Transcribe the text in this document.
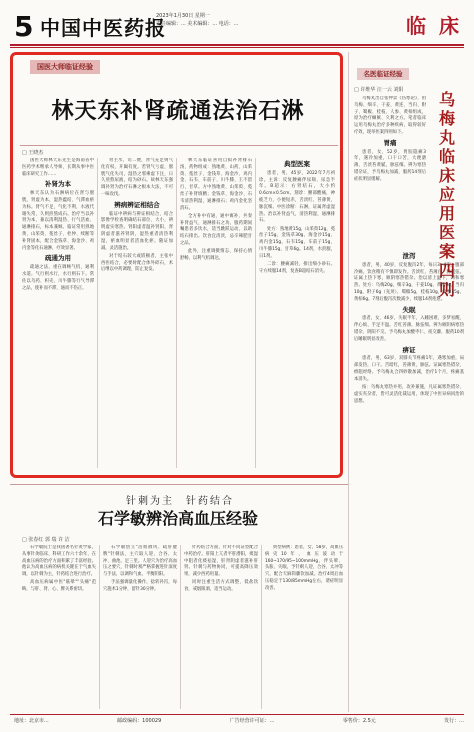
5 中国中医药报
2023年1月30日 星期一
责任编辑：... 美术编辑：... 电话：...	临 床
国医大师临证经验
林天东补肾疏通法治石淋
□ 王晓杰

国医大师林天东先生是海南省中医药学术继承人导师，长期从事中医临床研究工作……

补肾为本

林天东认为石淋病位在肾与膀胱，肾虚为本，湿热蕴结、气滞血瘀为标。肾气不足，气化不利，水液代谢失常，久则煎熬成石。治疗当以补肾为本，兼以清利湿热、行气活血、通淋排石，标本兼顾。临证常用熟地黄、山茱萸、菟丝子、杜仲、续断等补肾固本，配合金钱草、海金沙、鸡内金等化石通淋，疗效显著。

疏通为用

疏通之法，重在调畅气机，通利水道。气行则水行，水行则石下。常佐以乌药、枳壳、川牛膝等行气导滞之品，使补而不滞，通而不伤正。

肾主水，司二便，肾气充足则气化有权，开阖有度。若肾气亏虚，膀胱气化失司，湿热之邪乘虚下注，日久煎熬尿液，结为砂石。故林天东强调补肾为治疗石淋之根本大法，不可一味攻伐。

辨病辨证相结合

临证中辨病与辨证相结合，结合影像学检查明确结石部位、大小，辨明虚实寒热。肾阳虚者温补肾阳，肾阴虚者滋养肾阴，湿热重者清热利湿，瘀血明显者活血化瘀。随证加减，灵活施治。

对于结石较大或嵌顿者，主张中西医结合，必要时配合体外碎石，术后继以中药调理，防止复发。

林天东临证喜用自拟补肾排石汤，药物组成：熟地黄、山药、山茱萸、菟丝子、金钱草、海金沙、鸡内金、石韦、车前子、川牛膝、王不留行、甘草。方中熟地黄、山茱萸、菟丝子补肾填精；金钱草、海金沙、石韦清热利湿，通淋排石；鸡内金化坚消石。

全方补中有通，通中寓补，共奏补肾益气、通淋排石之功。服药期间嘱患者多饮水，适当跳跃运动，以助结石排出。饮食宜清淡，忌辛辣肥甘之品。

此外，注重调摄情志，保持心情舒畅，以利气机调达。

典型医案

患者，男，45岁，2022年7月初诊。主诉：反复腰痛伴尿频、尿急半年。B超示：右肾结石，大小约0.6cm×0.5cm。刻诊：腰部酸痛，神疲乏力，小便短赤，舌淡红，苔薄黄，脉沉细。中医诊断：石淋，证属肾虚湿热。治以补肾益气，清热利湿，通淋排石。

处方：熟地黄15g，山茱萸12g，菟丝子15g，金钱草30g，海金沙15g，鸡内金15g，石韦15g，车前子15g，川牛膝15g，甘草6g。14剂，水煎服，日1剂。

二诊：腰痛减轻，排出细小砂石。守方续服14剂，复查B超结石消失。

针刺为主　针药结合
石学敏辨治高血压经验
□ 张春红 郭 瑞 许 洁

石学敏院士是我国著名针灸学家，从事针灸临床、科研工作六十余年，在高血压病的治疗方面积累了丰富经验。他认为高血压病的病机关键在于气血失调，以针刺为主，针药结合进行治疗。

高血压病属中医"眩晕""头痛"范畴，与肝、肾、心、脾关系密切。

石学敏创立"活血散风、疏肝健脾"针刺法，主穴取人迎、合谷、太冲、曲池、足三里。人迎穴为治疗高血压之要穴，针刺时须严格掌握进针深度与手法，以调和气血，平衡阴阳。

手法强调量化操作，捻转补泻，每穴施术1分钟，留针30分钟。

针药结合方面，针对不同证型配合中药治疗。肝阳上亢者平肝潜阳，痰湿中阻者化痰祛湿，肝肾阴虚者滋补肝肾。针刺与药物协同，可提高降压效果，减少西药用量。

同时注重生活方式调整，低盐饮食，戒烟限酒，适当运动。

典型病例：患者，女，58岁，高血压病史10年，血压波动于160~170/95~100mmHg，伴头晕、头胀、失眠。予针刺人迎、合谷、太冲等穴，配合天麻钩藤饮加减。治疗4周后血压稳定于130/85mmHg左右，诸症明显改善。

名医临证经验
□ 许维华 汪一云 刘阳	乌梅丸临床应用医案四则

乌梅丸出自张仲景《伤寒论》，由乌梅、细辛、干姜、黄连、当归、附子、蜀椒、桂枝、人参、黄柏组成，原为治疗蛔厥、久利之方。笔者临床运用乌梅丸治疗多种疾病，取得较好疗效，现举医案四则如下。

胃痛

患者，女，52岁，胃脘隐痛3年，遇冷加重，口干口苦，大便溏薄，舌淡苔黄腻，脉弦细。辨为寒热错杂证，予乌梅丸加减，服药14剂后症状明显缓解。

泄泻

患者，男，40岁，反复腹泻2年，每日3~4次，腹部冷痛，饮食稍有不慎即发作。舌淡红，苔薄白，脉沉弦。证属上热下寒，厥阴寒热错杂。治以清上温下，调和寒热。处方：乌梅20g，细辛3g，干姜10g，黄连6g，当归10g，附子6g（先煎），蜀椒5g，桂枝10g，党参15g，黄柏6g。7剂后腹泻次数减少，续服14剂痊愈。

失眠

患者，女，46岁，失眠半年，入睡困难，多梦易醒，伴心烦、手足不温。舌红苔薄，脉弦细。辨为厥阴病寒热错杂、阴阳不交。予乌梅丸加酸枣仁、夜交藤，服药10剂后睡眠明显改善。

痹证

患者，男，63岁，双膝关节疼痛1年，遇寒加重，局部发热，口干。舌暗红，苔薄黄，脉弦。证属寒热错杂，痹阻经络。予乌梅丸合四妙散加减，治疗1个月，疼痛基本消失。

按：乌梅丸寒热并用，攻补兼施，凡证属寒热错杂、虚实夹杂者，皆可灵活化裁运用，体现了中医异病同治的思想。

地址：北京市...	邮政编码：100029	广告经营许可证：...	零售价：2.5元	发行：...
